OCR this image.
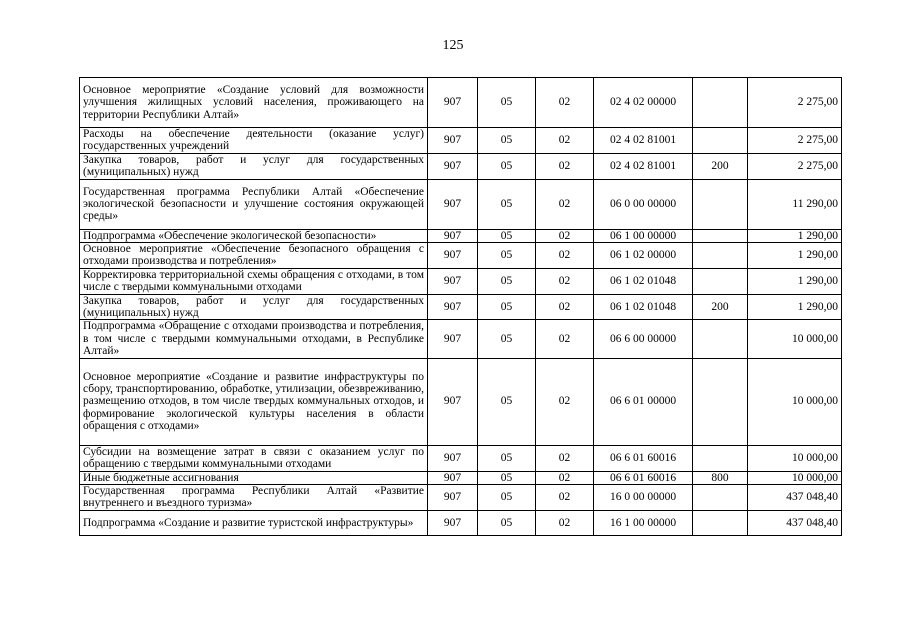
125
Основное мероприятие «Создание условий для возможности улучшения жилищных условий населения, проживающего на территории Республики Алтай»	907	05	02	02 4 02 00000		2 275,00
Расходы на обеспечение деятельности (оказание услуг) государственных учреждений	907	05	02	02 4 02 81001		2 275,00
Закупка товаров, работ и услуг для государственных (муниципальных) нужд	907	05	02	02 4 02 81001	200	2 275,00
Государственная программа Республики Алтай «Обеспечение экологической безопасности и улучшение состояния окружающей среды»	907	05	02	06 0 00 00000		11 290,00
Подпрограмма «Обеспечение экологической безопасности»	907	05	02	06 1 00 00000		1 290,00
Основное мероприятие «Обеспечение безопасного обращения с отходами производства и потребления»	907	05	02	06 1 02 00000		1 290,00
Корректировка территориальной схемы обращения с отходами, в том числе с твердыми коммунальными отходами	907	05	02	06 1 02 01048		1 290,00
Закупка товаров, работ и услуг для государственных (муниципальных) нужд	907	05	02	06 1 02 01048	200	1 290,00
Подпрограмма «Обращение с отходами производства и потребления, в том числе с твердыми коммунальными отходами, в Республике Алтай»	907	05	02	06 6 00 00000		10 000,00
Основное мероприятие «Создание и развитие инфраструктуры по сбору, транспортированию, обработке, утилизации, обезвреживанию, размещению отходов, в том числе твердых коммунальных отходов, и формирование экологической культуры населения в области обращения с отходами»	907	05	02	06 6 01 00000		10 000,00
Субсидии на возмещение затрат в связи с оказанием услуг по обращению с твердыми коммунальными отходами	907	05	02	06 6 01 60016		10 000,00
Иные бюджетные ассигнования	907	05	02	06 6 01 60016	800	10 000,00
Государственная программа Республики Алтай «Развитие внутреннего и въездного туризма»	907	05	02	16 0 00 00000		437 048,40
Подпрограмма «Создание и развитие туристской инфраструктуры»	907	05	02	16 1 00 00000		437 048,40
